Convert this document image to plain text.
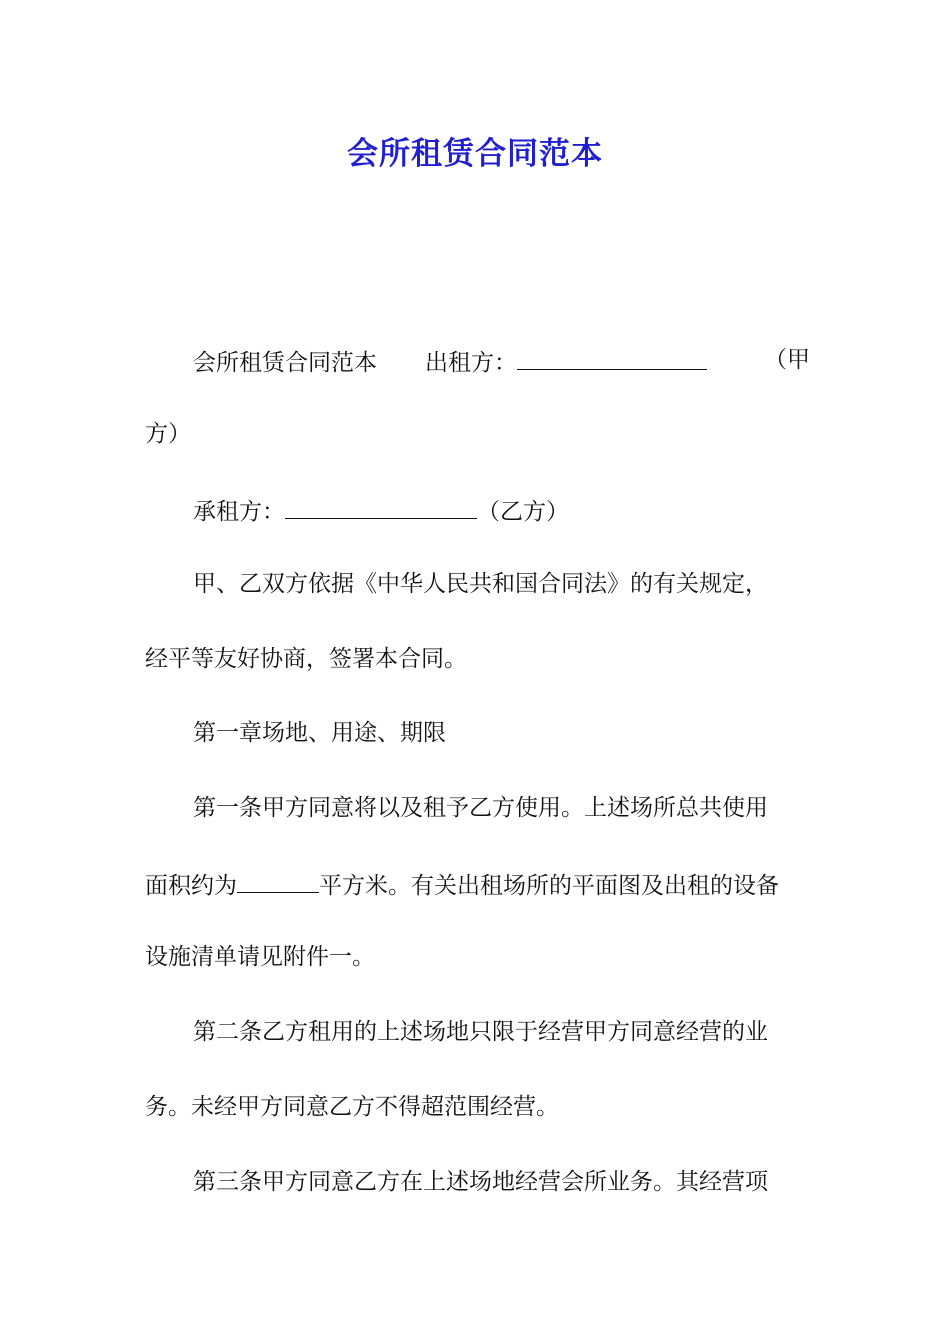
会所租赁合同范本
会所租赁合同范本 出租方：	（甲
方）
承租方：	（乙方）
甲、乙双方依据《中华人民共和国合同法》的有关规定，
经平等友好协商，签署本合同。
第一章场地、用途、期限
第一条甲方同意将以及租予乙方使用。上述场所总共使用
面积约为	平方米。有关出租场所的平面图及出租的设备
设施清单请见附件一。
第二条乙方租用的上述场地只限于经营甲方同意经营的业
务。未经甲方同意乙方不得超范围经营。
第三条甲方同意乙方在上述场地经营会所业务。其经营项
